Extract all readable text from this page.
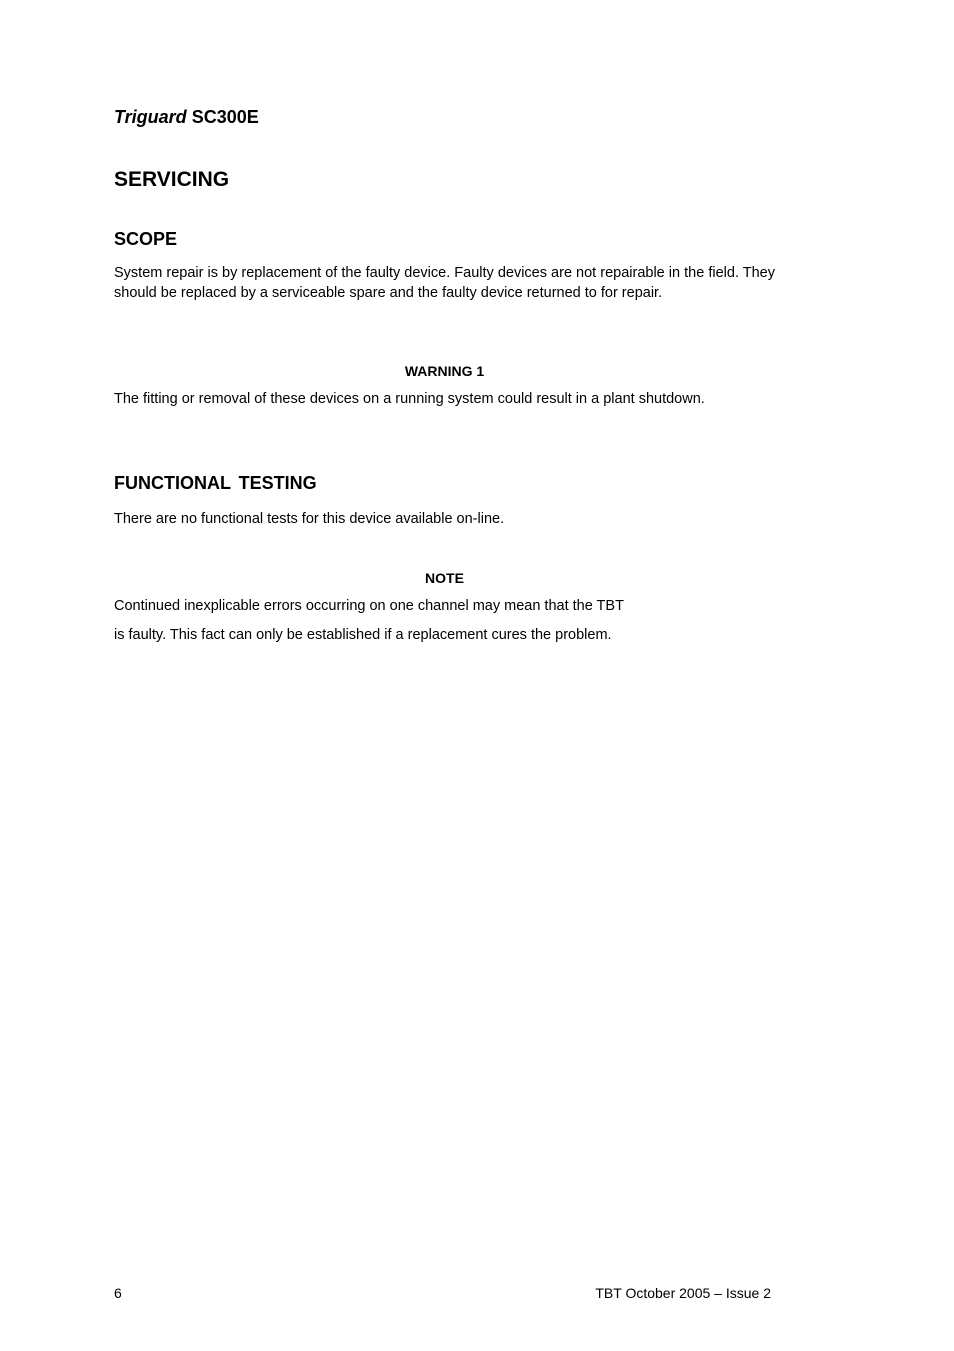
Triguard SC300E
SERVICING
SCOPE
System repair is by replacement of the faulty device. Faulty devices are not repairable in the field. They should be replaced by a serviceable spare and the faulty device returned to for repair.
WARNING 1
The fitting or removal of these devices on a running system could result in a plant shutdown.
FUNCTIONAL TESTING
There are no functional tests for this device available on-line.
NOTE
Continued inexplicable errors occurring on one channel may mean that the TBT
is faulty. This fact can only be established if a replacement cures the problem.
6	TBT October 2005 – Issue 2
